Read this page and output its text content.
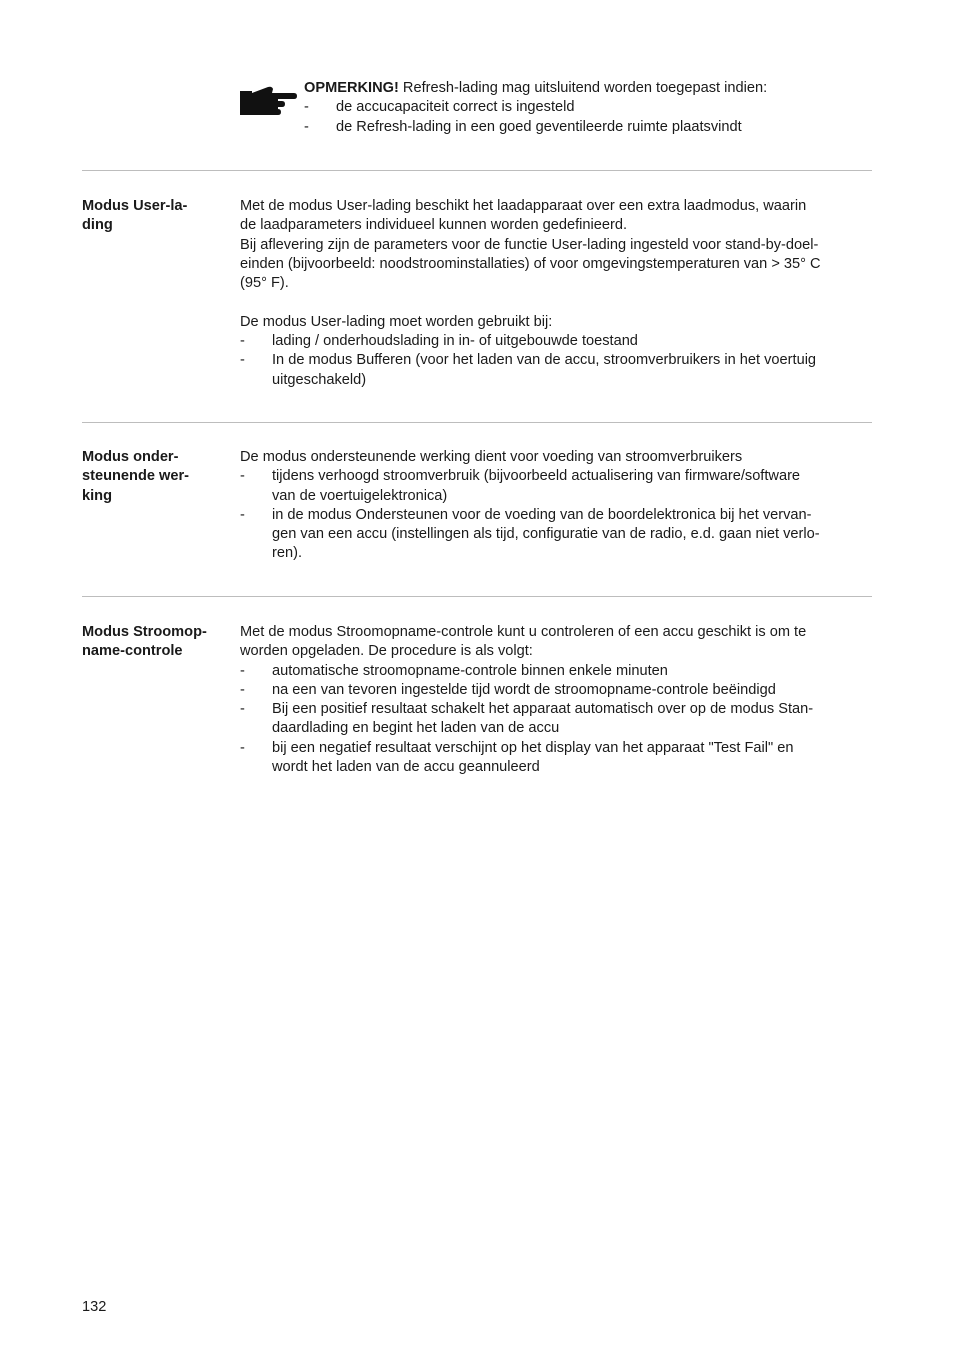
OPMERKING! Refresh-lading mag uitsluitend worden toegepast indien:
- de accucapaciteit correct is ingesteld
- de Refresh-lading in een goed geventileerde ruimte plaatsvindt
Modus User-la-
ding
Met de modus User-lading beschikt het laadapparaat over een extra laadmodus, waarin
de laadparameters individueel kunnen worden gedefinieerd.
Bij aflevering zijn de parameters voor de functie User-lading ingesteld voor stand-by-doel-
einden (bijvoorbeeld: noodstroominstallaties) of voor omgevingstemperaturen van > 35° C
(95° F).
De modus User-lading moet worden gebruikt bij:
- lading / onderhoudslading in in- of uitgebouwde toestand
- In de modus Bufferen (voor het laden van de accu, stroomverbruikers in het voertuig
uitgeschakeld)
Modus onder-
steunende wer-
king
De modus ondersteunende werking dient voor voeding van stroomverbruikers
- tijdens verhoogd stroomverbruik (bijvoorbeeld actualisering van firmware/software
van de voertuigelektronica)
- in de modus Ondersteunen voor de voeding van de boordelektronica bij het vervan-
gen van een accu (instellingen als tijd, configuratie van de radio, e.d. gaan niet verlo-
ren).
Modus Stroomop-
name-controle
Met de modus Stroomopname-controle kunt u controleren of een accu geschikt is om te
worden opgeladen. De procedure is als volgt:
- automatische stroomopname-controle binnen enkele minuten
- na een van tevoren ingestelde tijd wordt de stroomopname-controle beëindigd
- Bij een positief resultaat schakelt het apparaat automatisch over op de modus Stan-
daardlading en begint het laden van de accu
- bij een negatief resultaat verschijnt op het display van het apparaat "Test Fail" en
wordt het laden van de accu geannuleerd
132
